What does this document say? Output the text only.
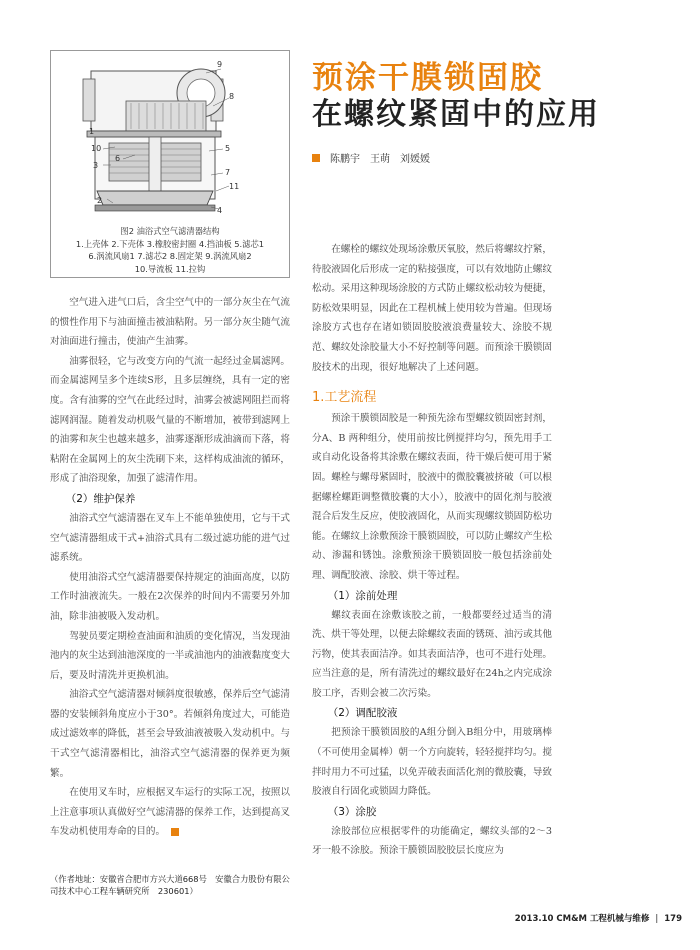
9
8
1
10
6
3
5
7
11
2
4
图2 油浴式空气滤清器结构
1.上壳体 2.下壳体 3.橡胶密封圈 4.挡油板 5.滤芯1
6.涡流风扇1 7.滤芯2 8.固定架 9.涡流风扇2
10.导流板 11.拉钩
预涂干膜锁固胶
在螺纹紧固中的应用
陈鹏宇 王萌 刘媛媛

空气进入进气口后，含尘空气中的一部分灰尘在气流的惯性作用下与油面撞击被油粘附。另一部分灰尘随气流对油面进行撞击，使油产生油雾。

油雾很轻，它与改变方向的气流一起经过金属滤网。而金属滤网呈多个连续S形，且多层缠绕，具有一定的密度。含有油雾的空气在此经过时，油雾会被滤网阻拦而将滤网润湿。随着发动机吸气量的不断增加，被带到滤网上的油雾和灰尘也越来越多，油雾逐渐形成油滴而下落，将粘附在金属网上的灰尘洗刷下来，这样构成油流的循环，形成了油浴现象，加强了滤清作用。

（2）维护保养

油浴式空气滤清器在叉车上不能单独使用，它与干式空气滤清器组成干式+油浴式具有二级过滤功能的进气过滤系统。

使用油浴式空气滤清器要保持规定的油面高度，以防工作时油液流失。一般在2次保养的时间内不需要另外加油，除非油被吸入发动机。

驾驶员要定期检查油面和油质的变化情况，当发现油池内的灰尘达到油池深度的一半或油池内的油液黏度变大后，要及时清洗并更换机油。

油浴式空气滤清器对倾斜度很敏感，保养后空气滤清器的安装倾斜角度应小于30°。若倾斜角度过大，可能造成过滤效率的降低，甚至会导致油液被吸入发动机中。与干式空气滤清器相比，油浴式空气滤清器的保养更为频繁。

在使用叉车时，应根据叉车运行的实际工况，按照以上注意事项认真做好空气滤清器的保养工作，达到提高叉车发动机使用寿命的目的。

（作者地址：安徽省合肥市方兴大道668号　安徽合力股份有限公司技术中心工程车辆研究所　230601）

在螺栓的螺纹处现场涂敷厌氧胶，然后将螺纹拧紧，待胶液固化后形成一定的粘接强度，可以有效地防止螺纹松动。采用这种现场涂胶的方式防止螺纹松动较为便捷，防松效果明显，因此在工程机械上使用较为普遍。但现场涂胶方式也存在诸如锁固胶胶液浪费量较大、涂胶不规范、螺纹处涂胶量大小不好控制等问题。而预涂干膜锁固胶技术的出现，很好地解决了上述问题。

1.工艺流程

预涂干膜锁固胶是一种预先涂布型螺纹锁固密封剂，分A、B 两种组分，使用前按比例搅拌均匀，预先用手工或自动化设备将其涂敷在螺纹表面，待干燥后便可用于紧固。螺栓与螺母紧固时，胶液中的微胶囊被挤破（可以根据螺栓螺距调整微胶囊的大小），胶液中的固化剂与胶液混合后发生反应，使胶液固化，从而实现螺纹锁固防松功能。在螺纹上涂敷预涂干膜锁固胶，可以防止螺纹产生松动、渗漏和锈蚀。涂敷预涂干膜锁固胶一般包括涂前处理、调配胶液、涂胶、烘干等过程。

（1）涂前处理

螺纹表面在涂敷该胶之前，一般都要经过适当的清洗、烘干等处理，以便去除螺纹表面的锈斑、油污或其他污物，使其表面洁净。如其表面洁净，也可不进行处理。应当注意的是，所有清洗过的螺纹最好在24h之内完成涂胶工序，否则会被二次污染。

（2）调配胶液

把预涂干膜锁固胶的A组分倒入B组分中，用玻璃棒（不可使用金属棒）朝一个方向旋转，轻轻搅拌均匀。搅拌时用力不可过猛，以免弄破表面活化剂的微胶囊，导致胶液自行固化或锁固力降低。

（3）涂胶

涂胶部位应根据零件的功能确定，螺纹头部的2～3牙一般不涂胶。预涂干膜锁固胶胶层长度应为

2013.10 CM&M 工程机械与维修 | 179
